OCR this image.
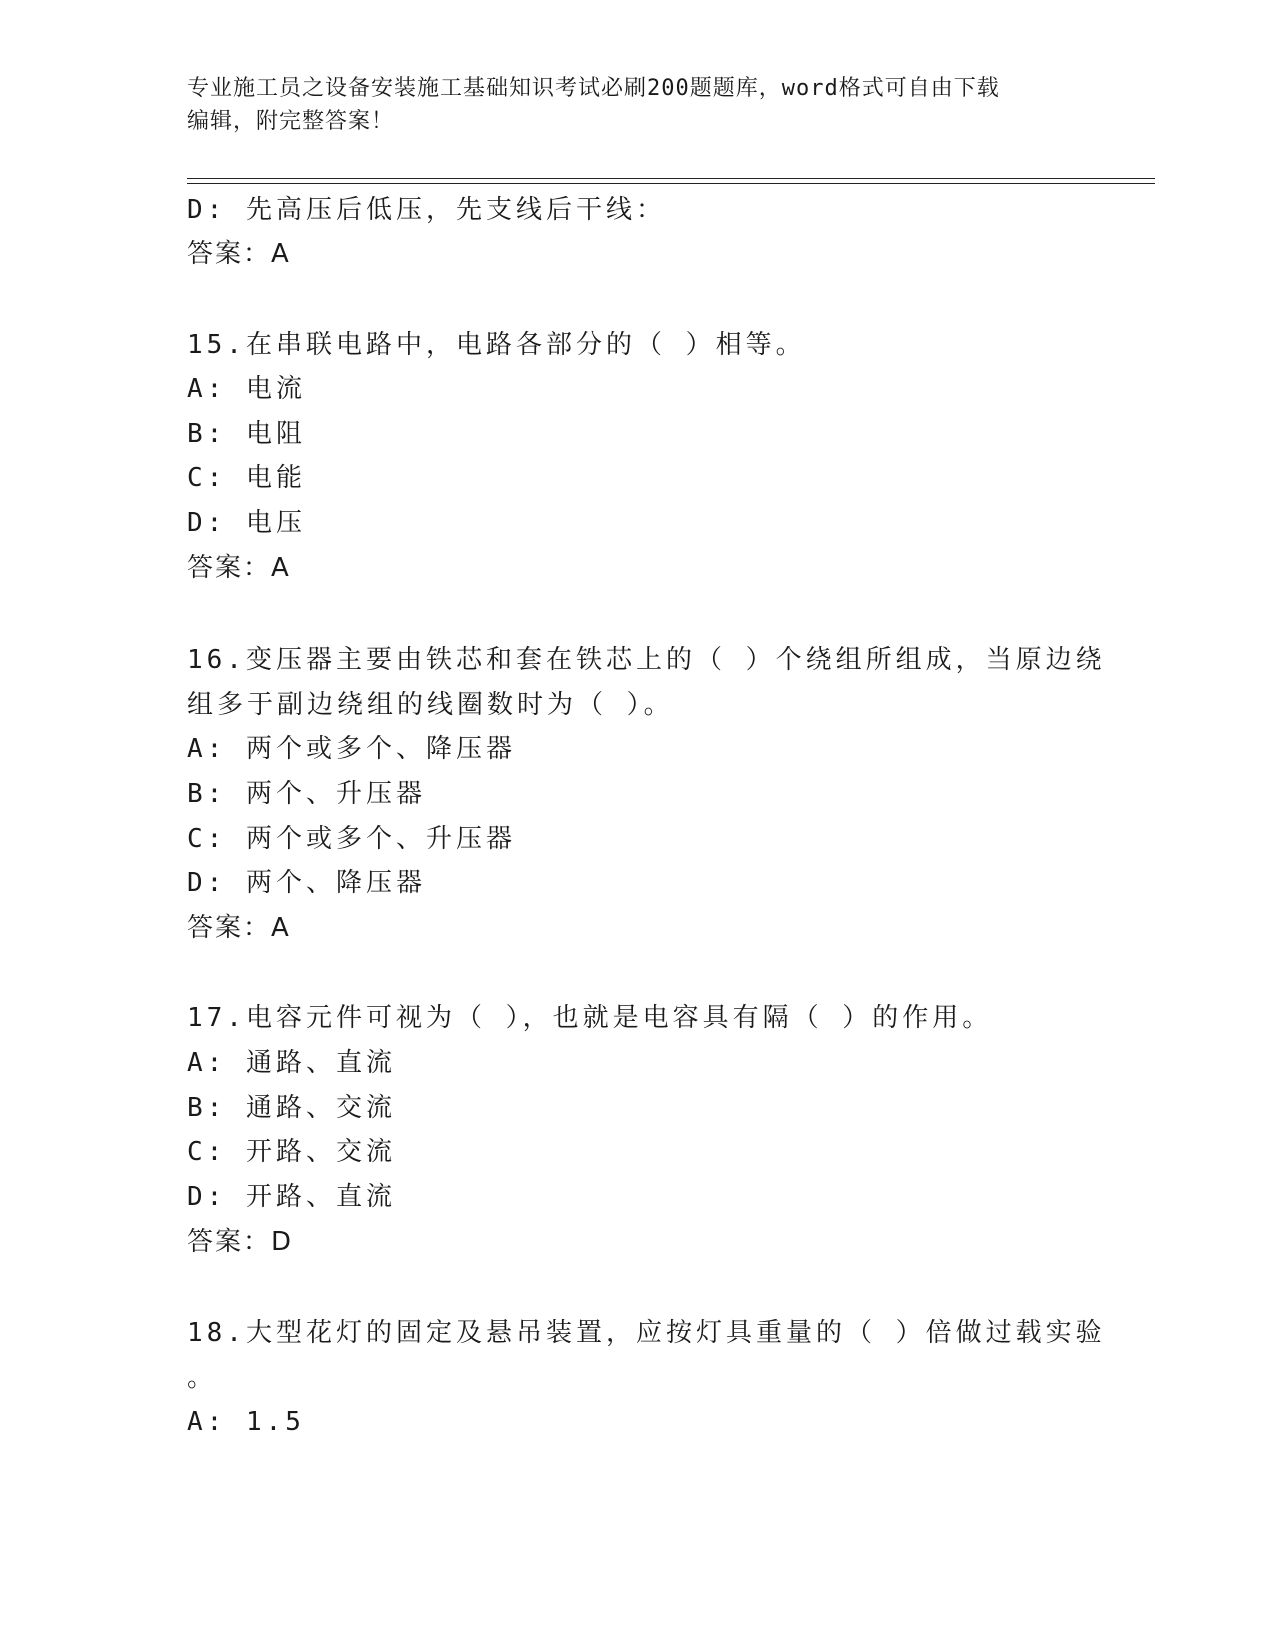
专业施工员之设备安装施工基础知识考试必刷200题题库，word格式可自由下载
编辑，附完整答案！
D: 先高压后低压，先支线后干线：
答案：A
15.在串联电路中，电路各部分的（ ）相等。
A: 电流
B: 电阻
C: 电能
D: 电压
答案：A
16.变压器主要由铁芯和套在铁芯上的（ ）个绕组所组成，当原边绕
组多于副边绕组的线圈数时为（ ）。
A: 两个或多个、降压器
B: 两个、升压器
C: 两个或多个、升压器
D: 两个、降压器
答案：A
17.电容元件可视为（ ），也就是电容具有隔（ ）的作用。
A: 通路、直流
B: 通路、交流
C: 开路、交流
D: 开路、直流
答案：D
18.大型花灯的固定及悬吊装置，应按灯具重量的（ ）倍做过载实验
。
A: 1.5
